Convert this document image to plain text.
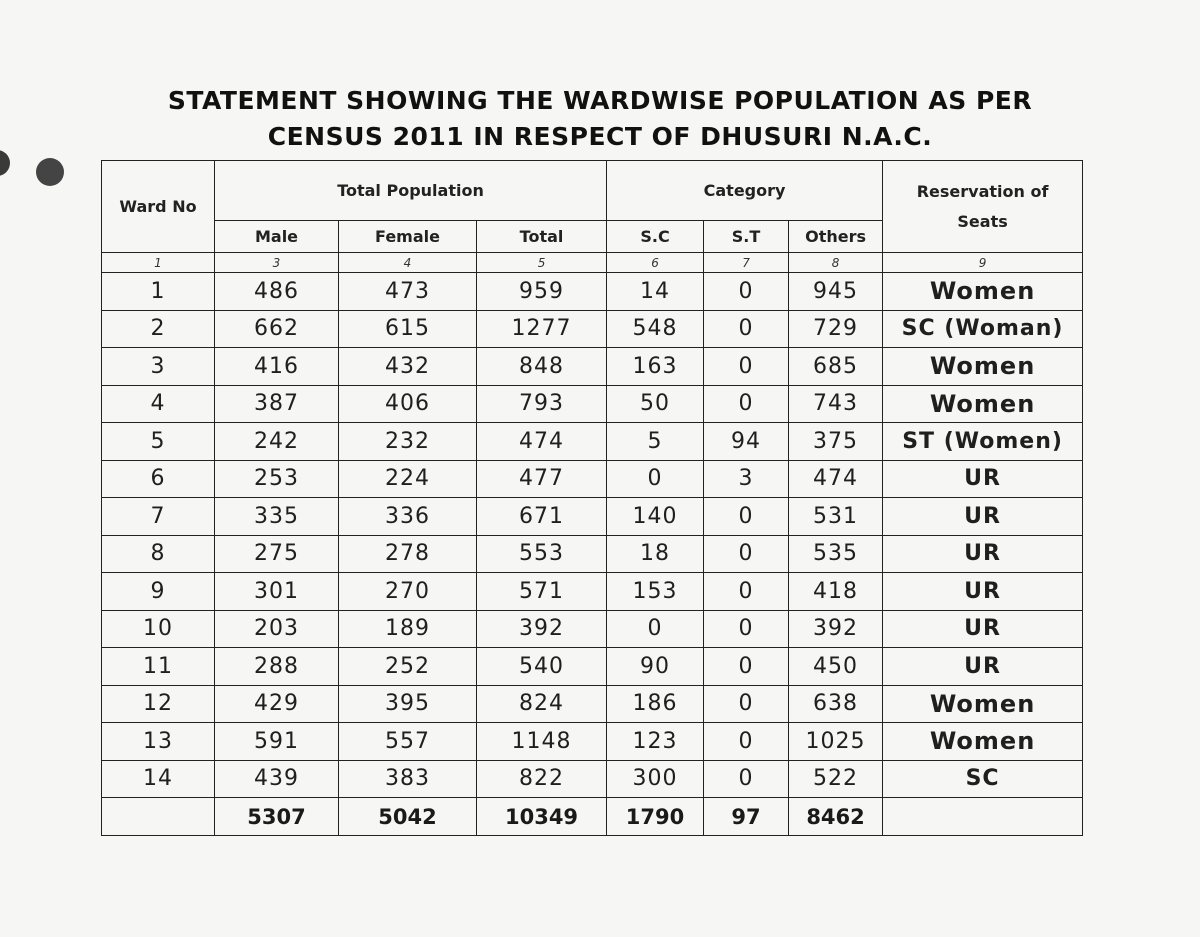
STATEMENT SHOWING THE WARDWISE POPULATION AS PER
CENSUS 2011 IN RESPECT OF DHUSURI N.A.C.
Ward No	Total Population			Category			Reservation of Seats
	Male	Female	Total	S.C	S.T	Others	
1	3	4	5	6	7	8	9
1	486	473	959	14	0	945	Women
2	662	615	1277	548	0	729	SC (Woman)
3	416	432	848	163	0	685	Women
4	387	406	793	50	0	743	Women
5	242	232	474	5	94	375	ST (Women)
6	253	224	477	0	3	474	UR
7	335	336	671	140	0	531	UR
8	275	278	553	18	0	535	UR
9	301	270	571	153	0	418	UR
10	203	189	392	0	0	392	UR
11	288	252	540	90	0	450	UR
12	429	395	824	186	0	638	Women
13	591	557	1148	123	0	1025	Women
14	439	383	822	300	0	522	SC
	5307	5042	10349	1790	97	8462	
